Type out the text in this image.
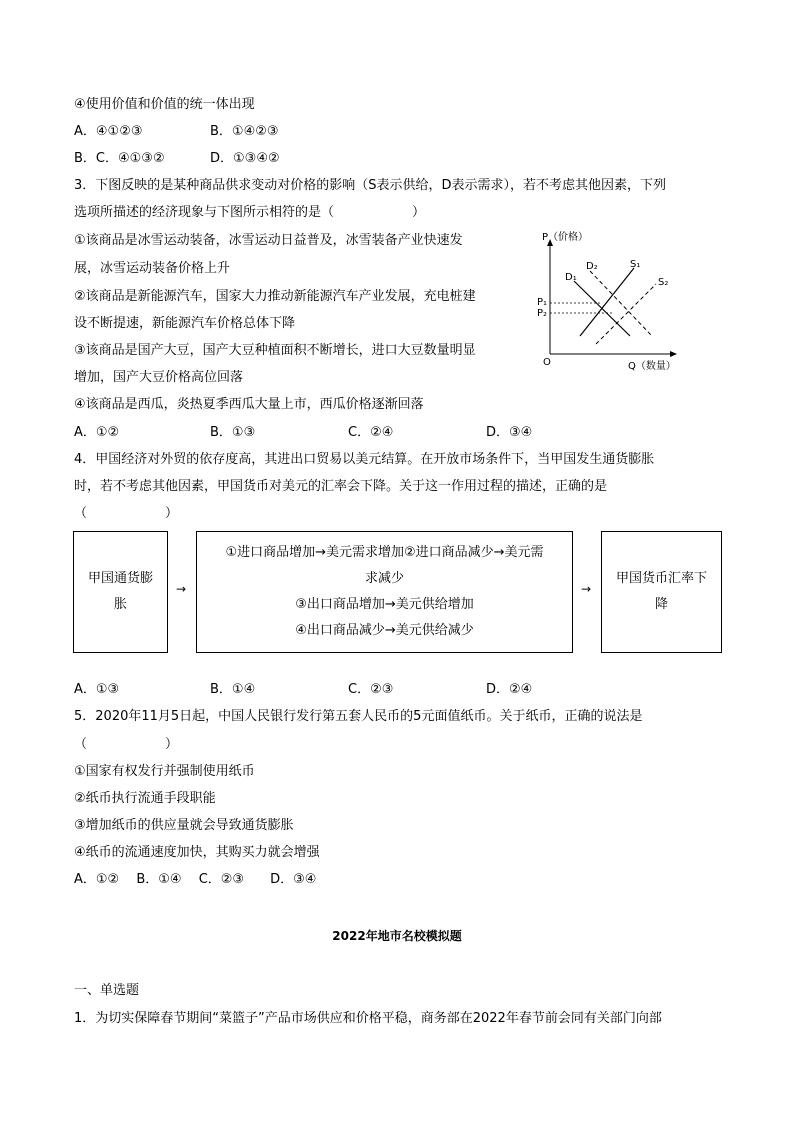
④使用价值和价值的统一体出现
A．④①②③	B．①④②③
B．C．④①③②	D．①③④②
3．下图反映的是某种商品供求变动对价格的影响（S表示供给，D表示需求），若不考虑其他因素，下列
选项所描述的经济现象与下图所示相符的是（　　　　　　）
①该商品是冰雪运动装备，冰雪运动日益普及，冰雪装备产业快速发
展，冰雪运动装备价格上升
②该商品是新能源汽车，国家大力推动新能源汽车产业发展，充电桩建
设不断提速，新能源汽车价格总体下降
③该商品是国产大豆，国产大豆种植面积不断增长，进口大豆数量明显
增加，国产大豆价格高位回落
④该商品是西瓜，炎热夏季西瓜大量上市，西瓜价格逐渐回落
P（价格）
Q（数量）
O
P₁
P₂
D₁
D₂	S₁
S₂
A．①②	B．①③	C．②④	D．③④
4．甲国经济对外贸的依存度高，其进出口贸易以美元结算。在开放市场条件下，当甲国发生通货膨胀
时，若不考虑其他因素，甲国货币对美元的汇率会下降。关于这一作用过程的描述，正确的是
（　　　　　　）
甲国通货膨
胀
→
①进口商品增加→美元需求增加②进口商品减少→美元需
求减少
③出口商品增加→美元供给增加
④出口商品减少→美元供给减少
→
甲国货币汇率下
降
A．①③	B．①④	C．②③	D．②④
5．2020年11月5日起，中国人民银行发行第五套人民币的5元面值纸币。关于纸币，正确的说法是
（　　　　　　）
①国家有权发行并强制使用纸币
②纸币执行流通手段职能
③增加纸币的供应量就会导致通货膨胀
④纸币的流通速度加快，其购买力就会增强
A．①②　 B．①④　 C．②③　　D．③④
2022年地市名校模拟题
一、单选题
1．为切实保障春节期间“菜篮子”产品市场供应和价格平稳，商务部在2022年春节前会同有关部门向部
